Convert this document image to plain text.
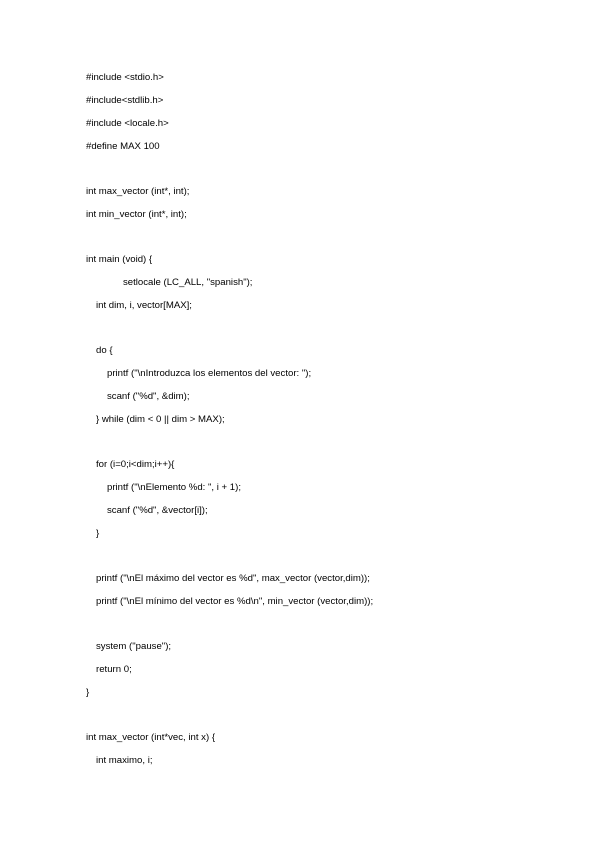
#include <stdio.h>
#include<stdlib.h>
#include <locale.h>
#define MAX 100
int max_vector (int*, int);
int min_vector (int*, int);
int main (void) {
setlocale (LC_ALL, "spanish");
int dim, i, vector[MAX];
do {
printf ("\nIntroduzca los elementos del vector: ");
scanf ("%d", &dim);
} while (dim < 0 || dim > MAX);
for (i=0;i<dim;i++){
printf ("\nElemento %d: ", i + 1);
scanf ("%d", &vector[i]);
}
printf ("\nEl máximo del vector es %d", max_vector (vector,dim));
printf ("\nEl mínimo del vector es %d\n", min_vector (vector,dim));
system ("pause");
return 0;
}
int max_vector (int*vec, int x) {
int maximo, i;
